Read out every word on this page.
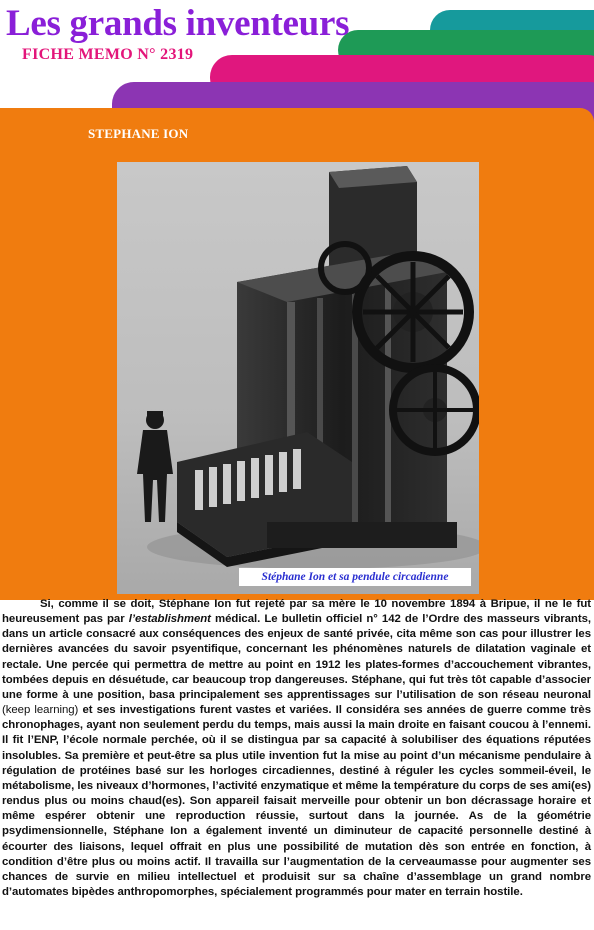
Les grands inventeurs
FICHE MEMO N° 2319
STEPHANE ION
Stéphane Ion et sa pendule circadienne

Si, comme il se doit, Stéphane Ion fut rejeté par sa mère le 10 novembre 1894 à Bripue, il ne le fut heureusement pas par l’establishment médical. Le bulletin officiel n° 142 de l’Ordre des masseurs vibrants, dans un article consacré aux conséquences des enjeux de santé privée, cita même son cas pour illustrer les dernières avancées du savoir psyentifique, concernant les phénomènes naturels de dilatation vaginale et rectale. Une percée qui permettra de mettre au point en 1912 les plates-formes d’accouchement vibrantes, tombées depuis en désuétude, car beaucoup trop dangereuses. Stéphane, qui fut très tôt capable d’associer une forme à une position, basa principalement ses apprentissages sur l’utilisation de son réseau neuronal (keep learning) et ses investigations furent vastes et variées. Il considéra ses années de guerre comme très chronophages, ayant non seulement perdu du temps, mais aussi la main droite en faisant coucou à l’ennemi. Il fit l’ENP, l’école normale perchée, où il se distingua par sa capacité à solubiliser des équations réputées insolubles. Sa première et peut-être sa plus utile invention fut la mise au point d’un mécanisme pendulaire à régulation de protéines basé sur les horloges circadiennes, destiné à réguler les cycles sommeil-éveil, le métabolisme, les niveaux d’hormones, l’activité enzymatique et même la température du corps de ses ami(es) rendus plus ou moins chaud(es). Son appareil faisait merveille pour obtenir un bon décrassage horaire et même espérer obtenir une reproduction réussie, surtout dans la journée. As de la géométrie psydimensionnelle, Stéphane Ion a également inventé un diminuteur de capacité personnelle destiné à écourter des liaisons, lequel offrait en plus une possibilité de mutation dès son entrée en fonction, à condition d’être plus ou moins actif. Il travailla sur l’augmentation de la cerveaumasse pour augmenter ses chances de survie en milieu intellectuel et produisit sur sa chaîne d’assemblage un grand nombre d’automates bipèdes anthropomorphes, spécialement programmés pour mater en terrain hostile.
